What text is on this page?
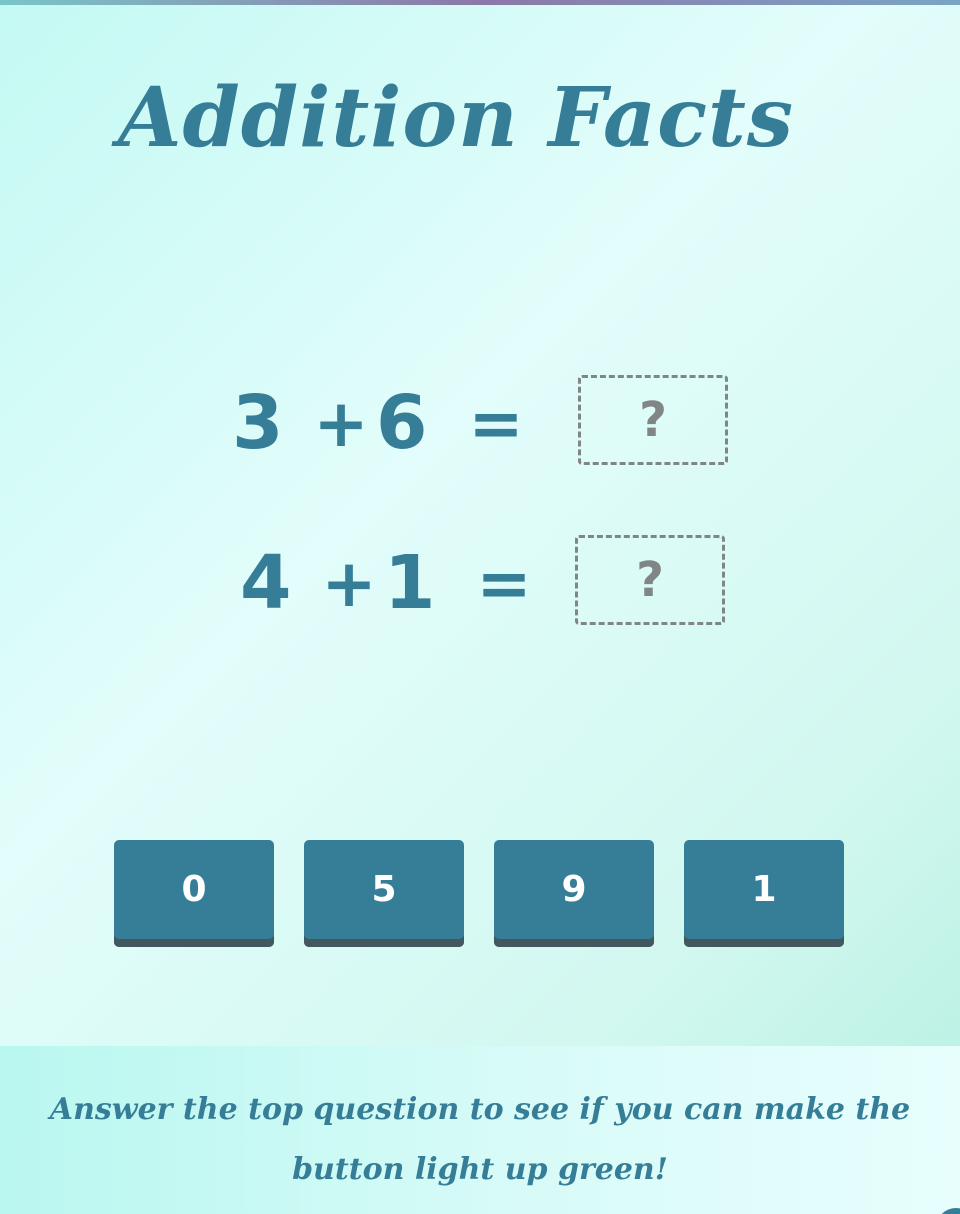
Addition Facts
3 + 6 =	?
4 + 1 =	?
0	5	9	1

Answer the top question to see if you can make the button light up green!
